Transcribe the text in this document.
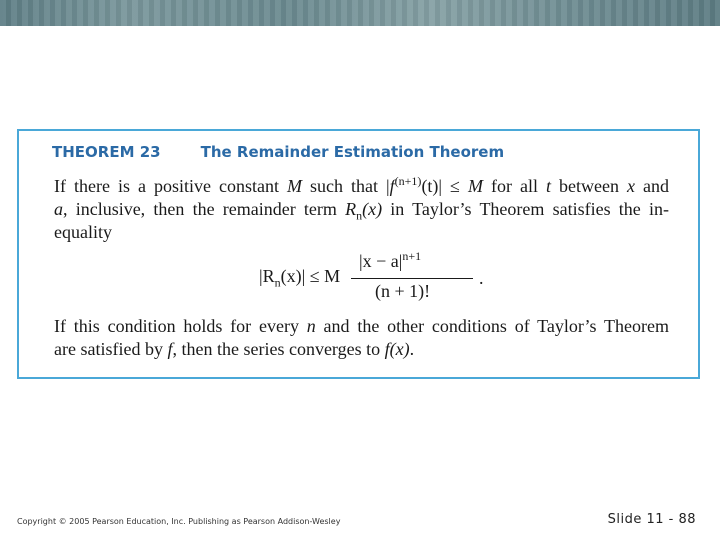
THEOREM 23	The Remainder Estimation Theorem
If there is a positive constant M such that $|f^{(n+1)}(t)| \le M$ for all t between x and
a, inclusive, then the remainder term $R_n(x)$ in Taylor’s Theorem satisfies the in-
equality
$|R_n(x)| \le M$
$|x - a|^{n+1}$
(n + 1)!
.
If this condition holds for every n and the other conditions of Taylor’s Theorem
are satisfied by f, then the series converges to f(x).
Copyright © 2005 Pearson Education, Inc. Publishing as Pearson Addison-Wesley	Slide 11 - 88
